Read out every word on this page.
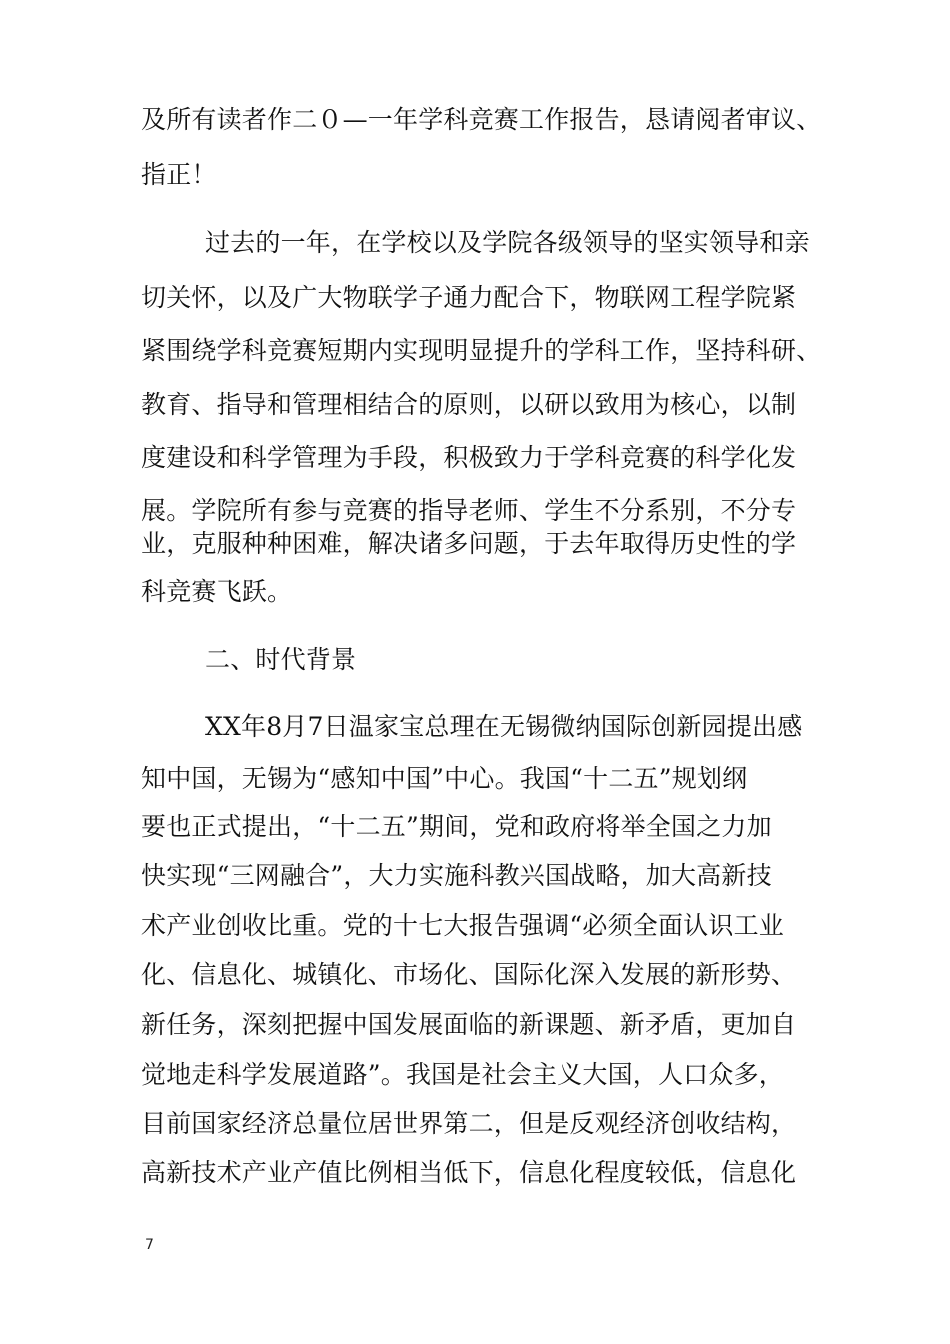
及所有读者作二０—一年学科竞赛工作报告，恳请阅者审议、
指正！
过去的一年，在学校以及学院各级领导的坚实领导和亲
切关怀，以及广大物联学子通力配合下，物联网工程学院紧
紧围绕学科竞赛短期内实现明显提升的学科工作，坚持科研、
教育、指导和管理相结合的原则，以研以致用为核心，以制
度建设和科学管理为手段，积极致力于学科竞赛的科学化发
展。学院所有参与竞赛的指导老师、学生不分系别，不分专
业，克服种种困难，解决诸多问题，于去年取得历史性的学
科竞赛飞跃。
二、时代背景
XX年8月7日温家宝总理在无锡微纳国际创新园提出感
知中国，无锡为“感知中国”中心。我国“十二五”规划纲
要也正式提出，“十二五”期间，党和政府将举全国之力加
快实现“三网融合”，大力实施科教兴国战略，加大高新技
术产业创收比重。党的十七大报告强调“必须全面认识工业
化、信息化、城镇化、市场化、国际化深入发展的新形势、
新任务，深刻把握中国发展面临的新课题、新矛盾，更加自
觉地走科学发展道路”。我国是社会主义大国，人口众多，
目前国家经济总量位居世界第二，但是反观经济创收结构，
高新技术产业产值比例相当低下，信息化程度较低，信息化
7
